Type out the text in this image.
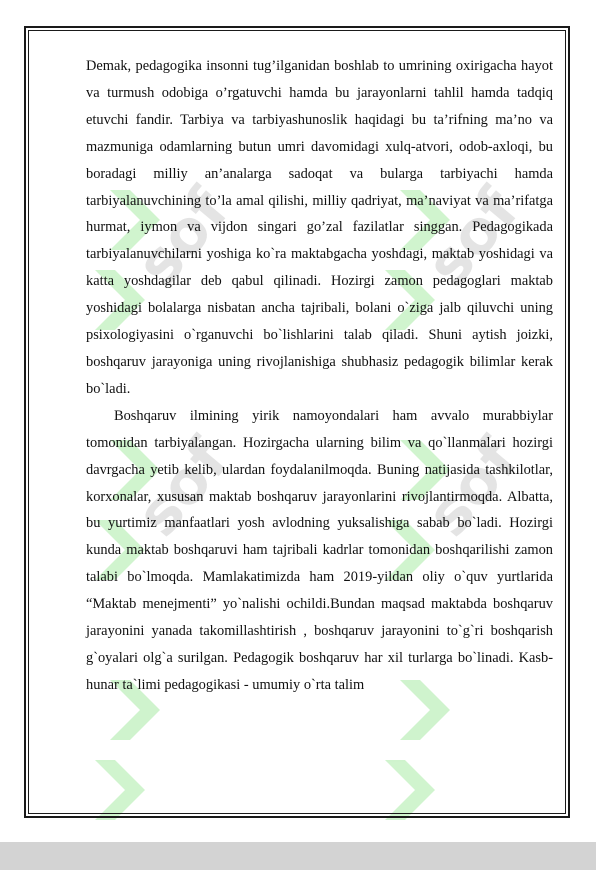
sof	sof
sof	sof

Demak, pedagogika insonni tug’ilganidan boshlab to umrining oxirigacha hayot va turmush odobiga o’rgatuvchi hamda bu jarayonlarni tahlil hamda tadqiq etuvchi fandir. Tarbiya va tarbiyashunoslik haqidagi bu ta’rifning ma’no va mazmuniga odamlarning butun umri davomidagi xulq-atvori, odob-axloqi, bu boradagi milliy an’analarga sadoqat va bularga tarbiyachi hamda tarbiyalanuvchining to’la amal qilishi, milliy qadriyat, ma’naviyat va ma’rifatga hurmat, iymon va vijdon singari go’zal fazilatlar singgan. Pedagogikada tarbiyalanuvchilarni yoshiga ko`ra maktabgacha yoshdagi, maktab yoshidagi va katta yoshdagilar deb qabul qilinadi. Hozirgi zamon pedagoglari maktab yoshidagi bolalarga nisbatan ancha tajribali, bolani o`ziga jalb qiluvchi uning psixologiyasini o`rganuvchi bo`lishlarini talab qiladi. Shuni aytish joizki, boshqaruv jarayoniga uning rivojlanishiga shubhasiz pedagogik bilimlar kerak bo`ladi.

Boshqaruv ilmining yirik namoyondalari ham avvalo murabbiylar tomonidan tarbiyalangan. Hozirgacha ularning bilim va qo`llanmalari hozirgi davrgacha yetib kelib, ulardan foydalanilmoqda. Buning natijasida tashkilotlar, korxonalar, xususan maktab boshqaruv jarayonlarini rivojlantirmoqda. Albatta, bu yurtimiz manfaatlari yosh avlodning yuksalishiga sabab bo`ladi. Hozirgi kunda maktab boshqaruvi ham tajribali kadrlar tomonidan boshqarilishi zamon talabi bo`lmoqda. Mamlakatimizda ham 2019-yildan oliy o`quv yurtlarida “Maktab menejmenti” yo`nalishi ochildi.Bundan maqsad maktabda boshqaruv jarayonini yanada takomillashtirish , boshqaruv jarayonini to`g`ri boshqarish g`oyalari olg`a surilgan. Pedagogik boshqaruv har xil turlarga bo`linadi. Kasb-hunar ta`limi pedagogikasi - umumiy o`rta talim
